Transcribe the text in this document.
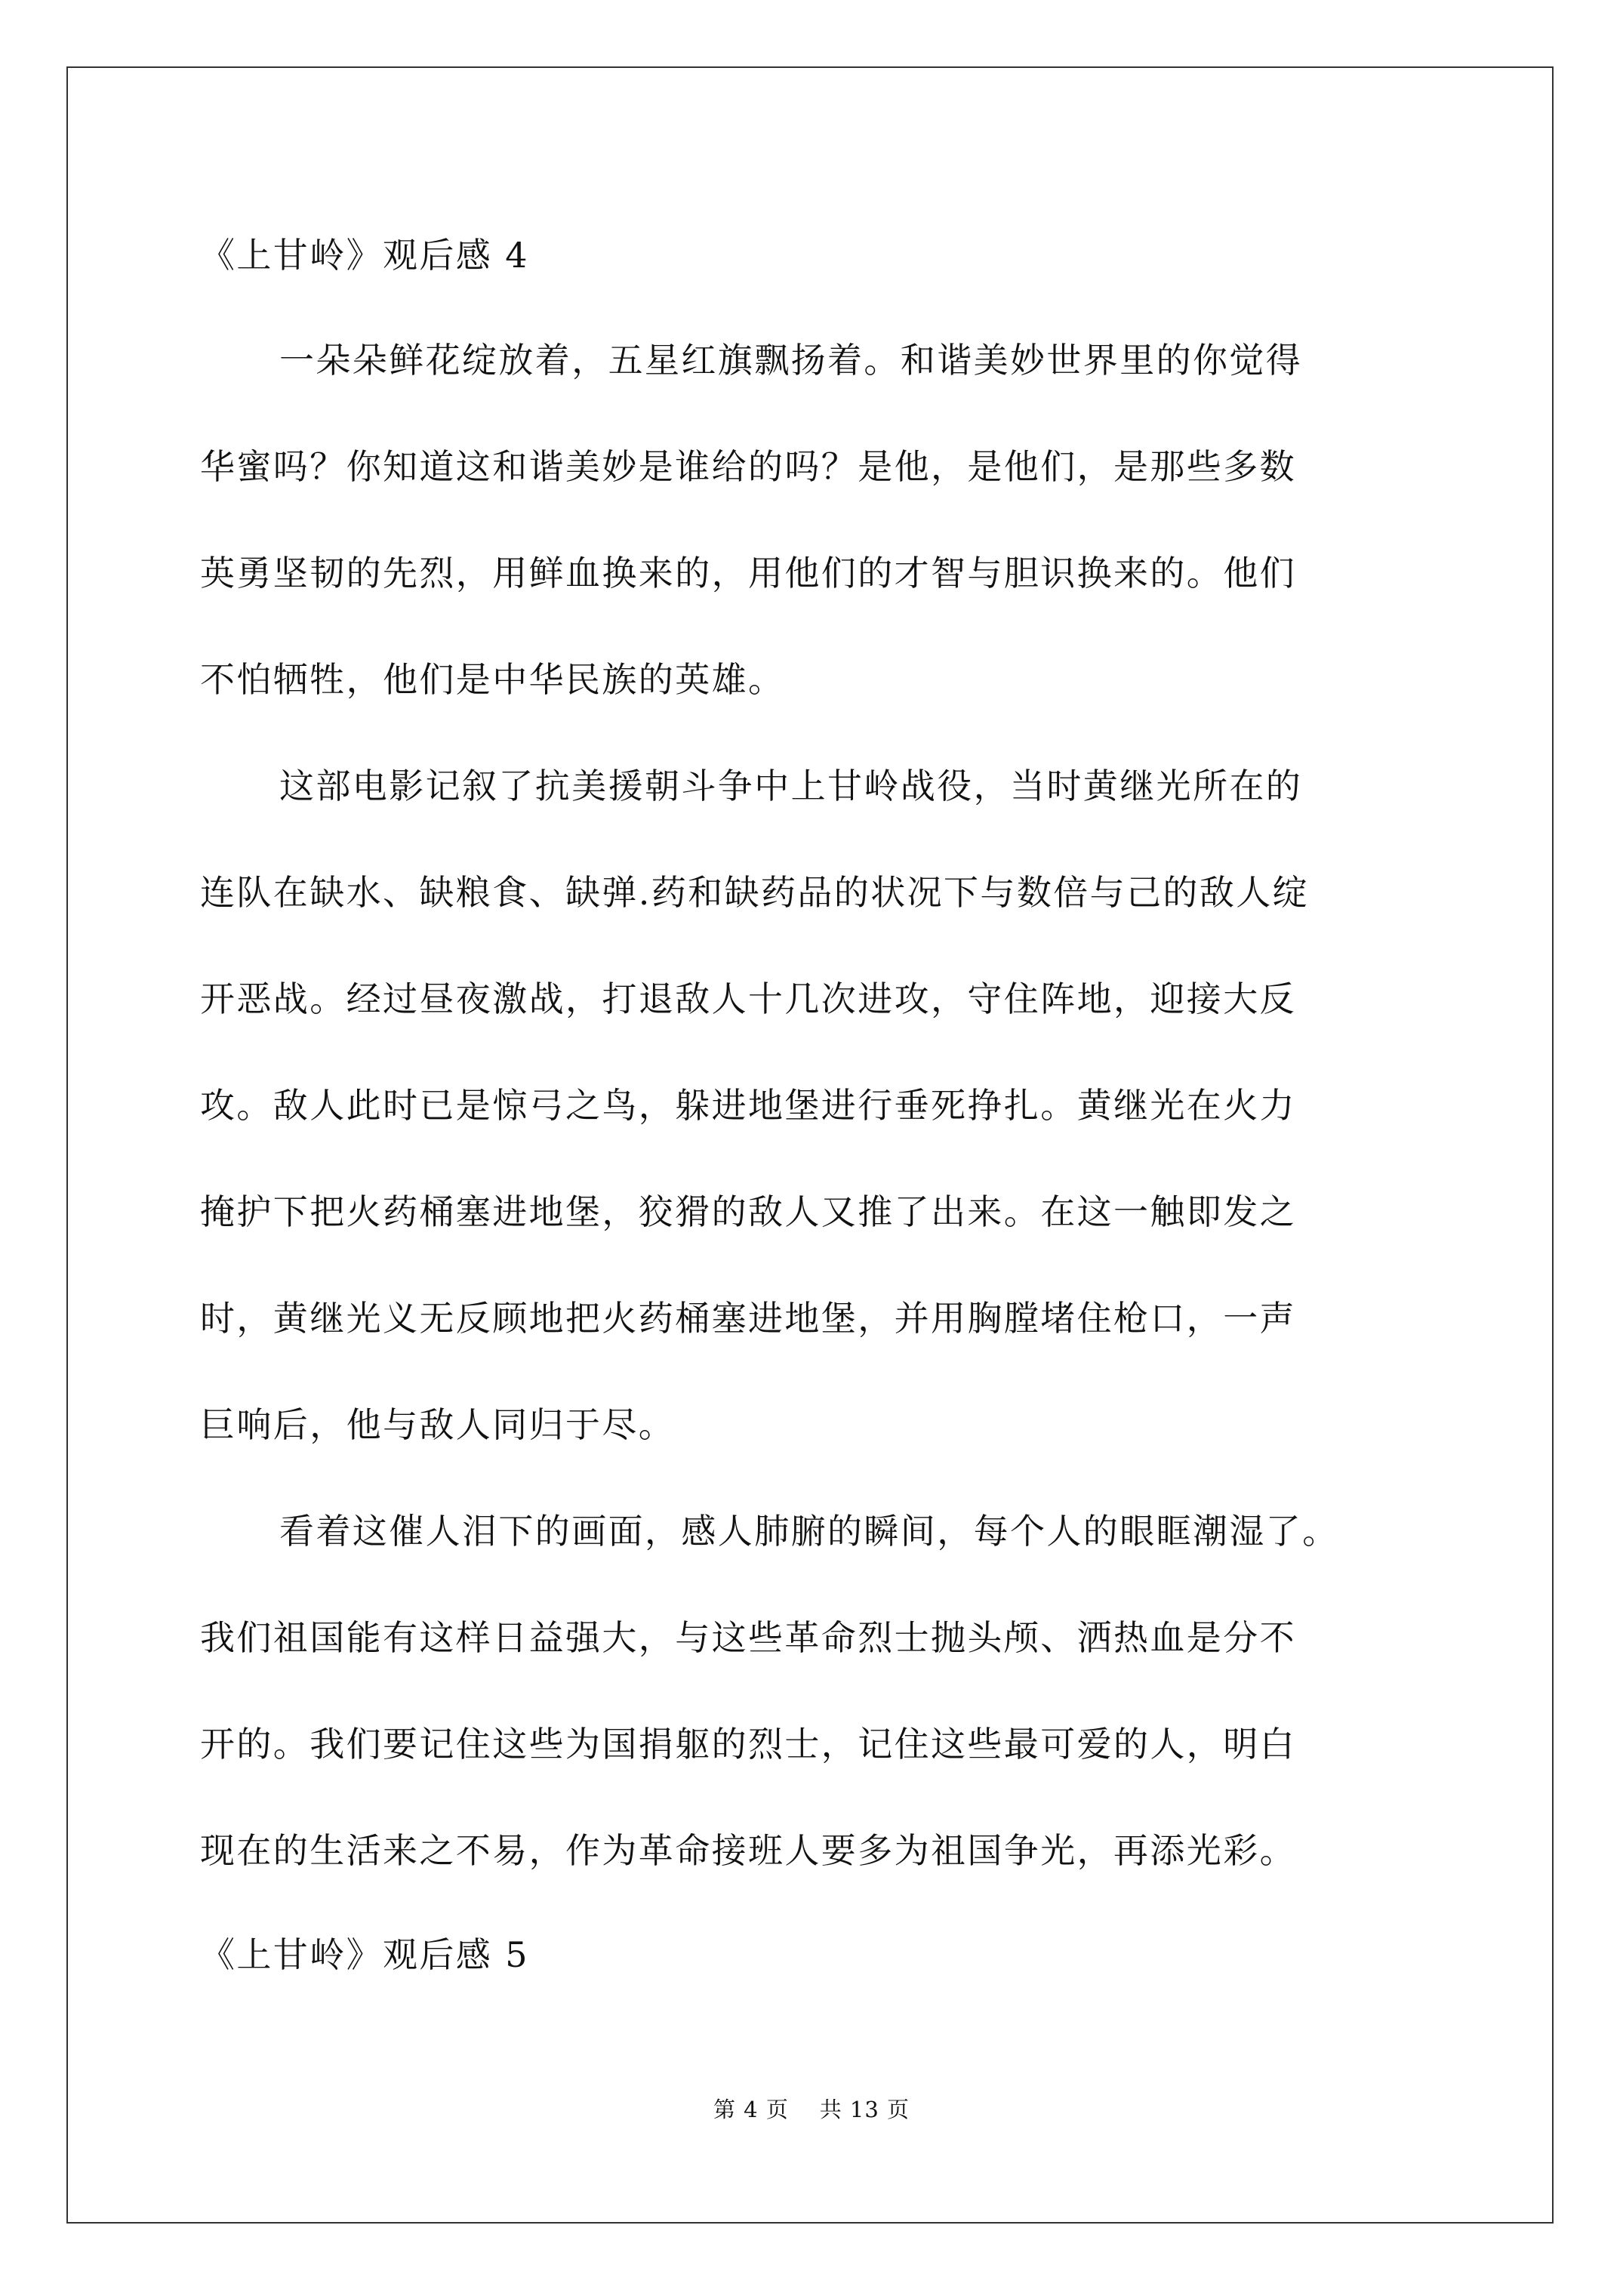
《上甘岭》观后感 4
一朵朵鲜花绽放着，五星红旗飘扬着。和谐美妙世界里的你觉得
华蜜吗？你知道这和谐美妙是谁给的吗？是他，是他们，是那些多数
英勇坚韧的先烈，用鲜血换来的，用他们的才智与胆识换来的。他们
不怕牺牲，他们是中华民族的英雄。
这部电影记叙了抗美援朝斗争中上甘岭战役，当时黄继光所在的
连队在缺水、缺粮食、缺弹.药和缺药品的状况下与数倍与己的敌人绽
开恶战。经过昼夜激战，打退敌人十几次进攻，守住阵地，迎接大反
攻。敌人此时已是惊弓之鸟，躲进地堡进行垂死挣扎。黄继光在火力
掩护下把火药桶塞进地堡，狡猾的敌人又推了出来。在这一触即发之
时，黄继光义无反顾地把火药桶塞进地堡，并用胸膛堵住枪口，一声
巨响后，他与敌人同归于尽。
看着这催人泪下的画面，感人肺腑的瞬间，每个人的眼眶潮湿了。
我们祖国能有这样日益强大，与这些革命烈士抛头颅、洒热血是分不
开的。我们要记住这些为国捐躯的烈士，记住这些最可爱的人，明白
现在的生活来之不易，作为革命接班人要多为祖国争光，再添光彩。
《上甘岭》观后感 5
第 4 页    共 13 页
